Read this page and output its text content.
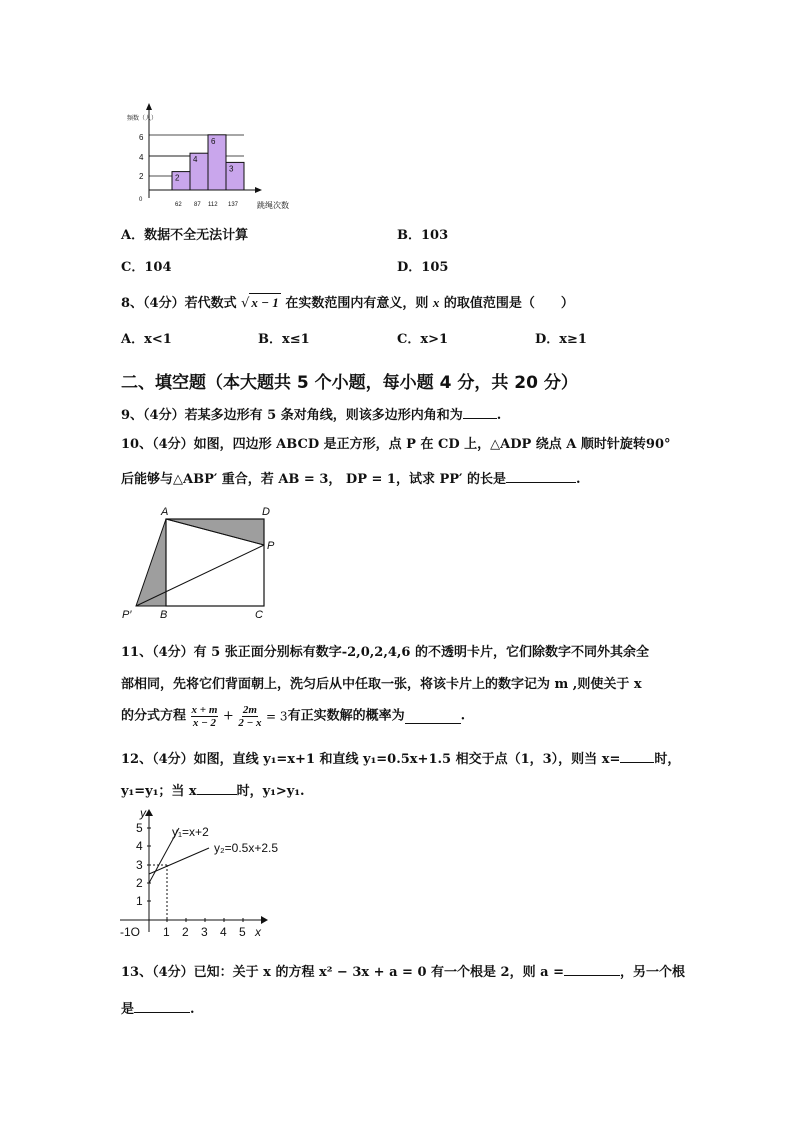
2
4
6
3
频数（人）
跳绳次数
0
2
4
6
62 87 112 137
A．数据不全无法计算	B．103
C．104	D．105
8、（4分）若代数式 √ x − 1 在实数范围内有意义，则 x 的取值范围是（　　）
A．x<1	B．x≤1	C．x>1	D．x≥1
二、填空题（本大题共 5 个小题，每小题 4 分，共 20 分）
9、（4分）若某多边形有 5 条对角线，则该多边形内角和为	.
10、（4分）如图，四边形 ABCD 是正方形，点 P 在 CD 上，△ADP 绕点 A 顺时针旋转90°
后能够与△ABP′ 重合，若 AB = 3， DP = 1，试求 PP′ 的长是	.
A	D
P
P′	B	C
11、（4分）有 5 张正面分别标有数字-2,0,2,4,6 的不透明卡片，它们除数字不同外其余全
部相同，先将它们背面朝上，洗匀后从中任取一张，将该卡片上的数字记为 m ,则使关于 x
的分式方程 $\frac{x + m}{x - 2} + \frac{2m}{2 - x} = 3$有正实数解的概率为	.
12、（4分）如图，直线 y₁=x+1 和直线 y₁=0.5x+1.5 相交于点（1，3），则当 x=	时，
y₁=y₁；当 x	时，y₁>y₁.
y₁=x+2
y₂=0.5x+2.5
y
x
-1O 1 2 3 4 5
1
2
3
4
5
13、（4分）已知：关于 x 的方程 x² − 3x + a = 0 有一个根是 2，则 a =	，另一个根
是	.
